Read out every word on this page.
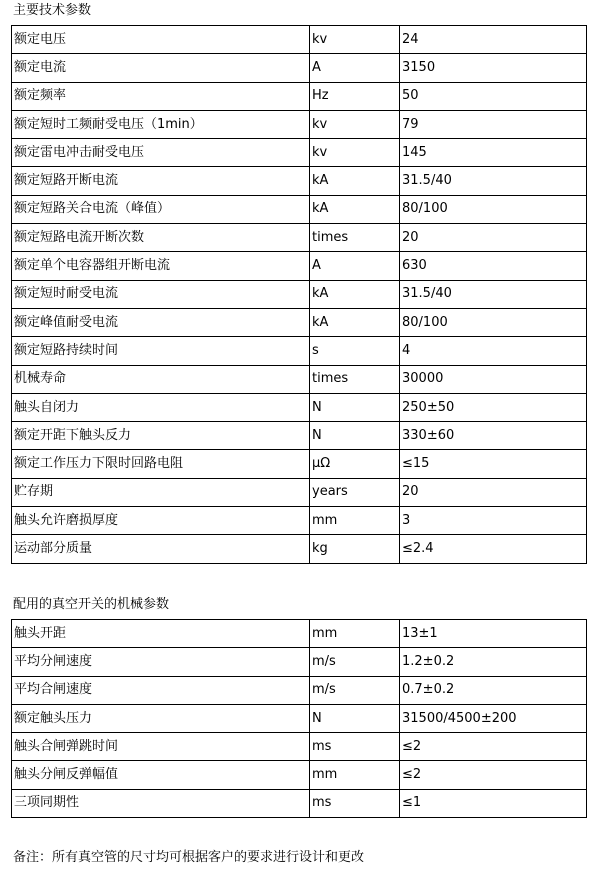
主要技术参数
额定电压	kv	24
额定电流	A	3150
额定频率	Hz	50
额定短时工频耐受电压（1min）	kv	79
额定雷电冲击耐受电压	kv	145
额定短路开断电流	kA	31.5/40
额定短路关合电流（峰值）	kA	80/100
额定短路电流开断次数	times	20
额定单个电容器组开断电流	A	630
额定短时耐受电流	kA	31.5/40
额定峰值耐受电流	kA	80/100
额定短路持续时间	s	4
机械寿命	times	30000
触头自闭力	N	250±50
额定开距下触头反力	N	330±60
额定工作压力下限时回路电阻	μΩ	≤15
贮存期	years	20
触头允许磨损厚度	mm	3
运动部分质量	kg	≤2.4
配用的真空开关的机械参数
触头开距	mm	13±1
平均分闸速度	m/s	1.2±0.2
平均合闸速度	m/s	0.7±0.2
额定触头压力	N	31500/4500±200
触头合闸弹跳时间	ms	≤2
触头分闸反弹幅值	mm	≤2
三项同期性	ms	≤1
备注：所有真空管的尺寸均可根据客户的要求进行设计和更改
